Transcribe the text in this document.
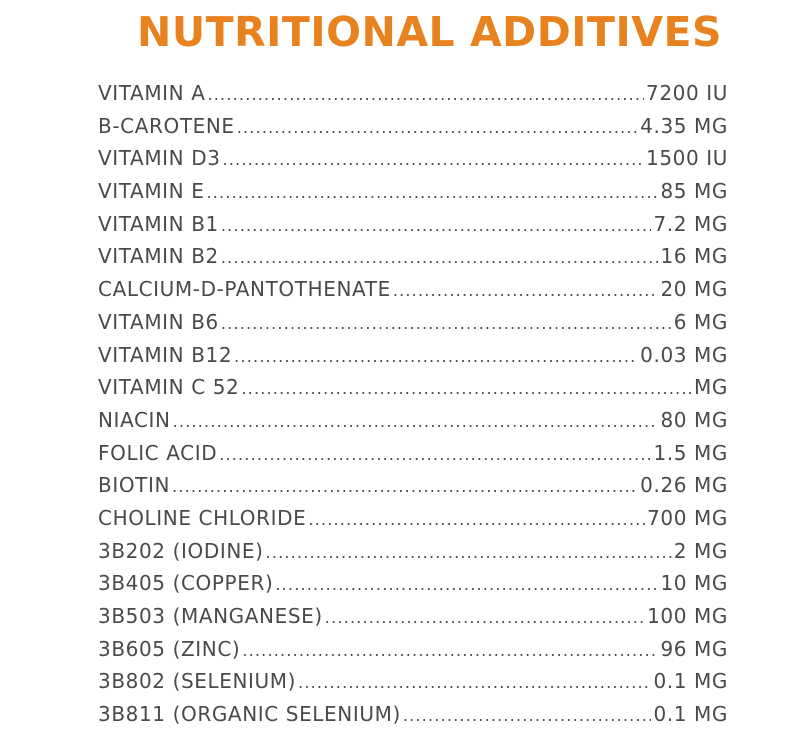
NUTRITIONAL ADDITIVES
VITAMIN A .....	7200 IU
B-CAROTENE .....	4.35 MG
VITAMIN D3 .....	1500 IU
VITAMIN E .....	85 MG
VITAMIN B1 .....	7.2 MG
VITAMIN B2 .....	16 MG
CALCIUM-D-PANTOTHENATE .....	20 MG
VITAMIN B6 .....	6 MG
VITAMIN B12 .....	0.03 MG
VITAMIN C 52 .....	MG
NIACIN .....	80 MG
FOLIC ACID .....	1.5 MG
BIOTIN .....	0.26 MG
CHOLINE CHLORIDE .....	700 MG
3B202 (IODINE) .....	2 MG
3B405 (COPPER) .....	10 MG
3B503 (MANGANESE) .....	100 MG
3B605 (ZINC) .....	96 MG
3B802 (SELENIUM) .....	0.1 MG
3B811 (ORGANIC SELENIUM) .....	0.1 MG
